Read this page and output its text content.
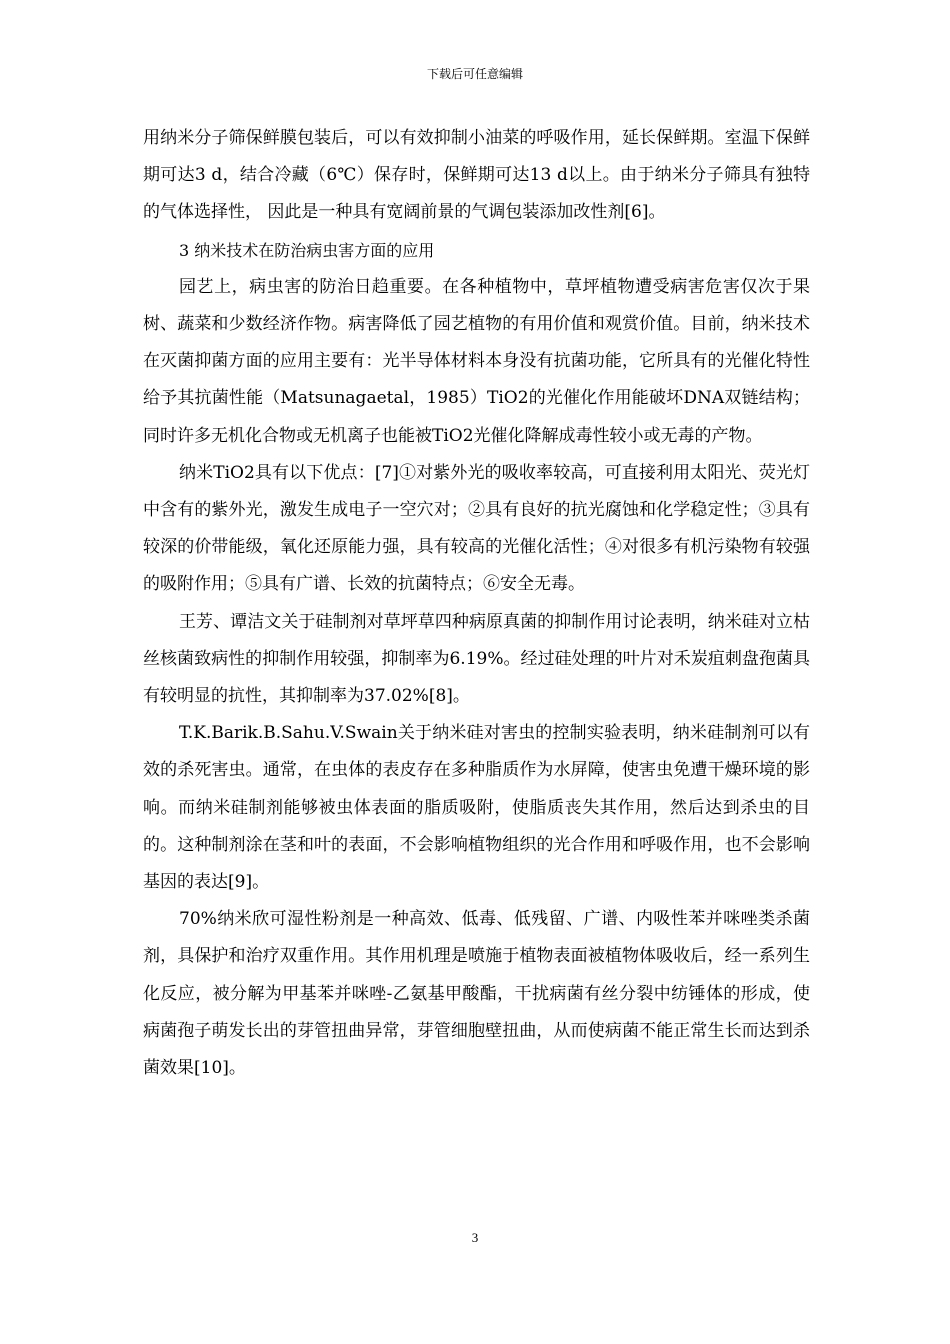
下载后可任意编辑

用纳米分子筛保鲜膜包装后，可以有效抑制小油菜的呼吸作用，延长保鲜期。室温下保鲜期可达3 d，结合冷藏（6℃）保存时，保鲜期可达13 d以上。由于纳米分子筛具有独特的气体选择性， 因此是一种具有宽阔前景的气调包装添加改性剂[6]。

3 纳米技术在防治病虫害方面的应用

园艺上，病虫害的防治日趋重要。在各种植物中，草坪植物遭受病害危害仅次于果树、蔬菜和少数经济作物。病害降低了园艺植物的有用价值和观赏价值。目前，纳米技术在灭菌抑菌方面的应用主要有：光半导体材料本身没有抗菌功能，它所具有的光催化特性给予其抗菌性能（Matsunagaetal，1985）TiO2的光催化作用能破坏DNA双链结构；同时许多无机化合物或无机离子也能被TiO2光催化降解成毒性较小或无毒的产物。

纳米TiO2具有以下优点：[7]①对紫外光的吸收率较高，可直接利用太阳光、荧光灯中含有的紫外光，激发生成电子一空穴对；②具有良好的抗光腐蚀和化学稳定性；③具有较深的价带能级，氧化还原能力强，具有较高的光催化活性；④对很多有机污染物有较强的吸附作用；⑤具有广谱、长效的抗菌特点；⑥安全无毒。

王芳、谭洁文关于硅制剂对草坪草四种病原真菌的抑制作用讨论表明，纳米硅对立枯丝核菌致病性的抑制作用较强，抑制率为6.19%。经过硅处理的叶片对禾炭疽刺盘孢菌具有较明显的抗性，其抑制率为37.02%[8]。

T.K.Barik.B.Sahu.V.Swain关于纳米硅对害虫的控制实验表明，纳米硅制剂可以有效的杀死害虫。通常，在虫体的表皮存在多种脂质作为水屏障，使害虫免遭干燥环境的影响。而纳米硅制剂能够被虫体表面的脂质吸附，使脂质丧失其作用，然后达到杀虫的目的。这种制剂涂在茎和叶的表面，不会影响植物组织的光合作用和呼吸作用，也不会影响基因的表达[9]。

70%纳米欣可湿性粉剂是一种高效、低毒、低残留、广谱、内吸性苯并咪唑类杀菌剂，具保护和治疗双重作用。其作用机理是喷施于植物表面被植物体吸收后，经一系列生化反应，被分解为甲基苯并咪唑-乙氨基甲酸酯，干扰病菌有丝分裂中纺锤体的形成，使病菌孢子萌发长出的芽管扭曲异常，芽管细胞壁扭曲，从而使病菌不能正常生长而达到杀菌效果[10]。

3
